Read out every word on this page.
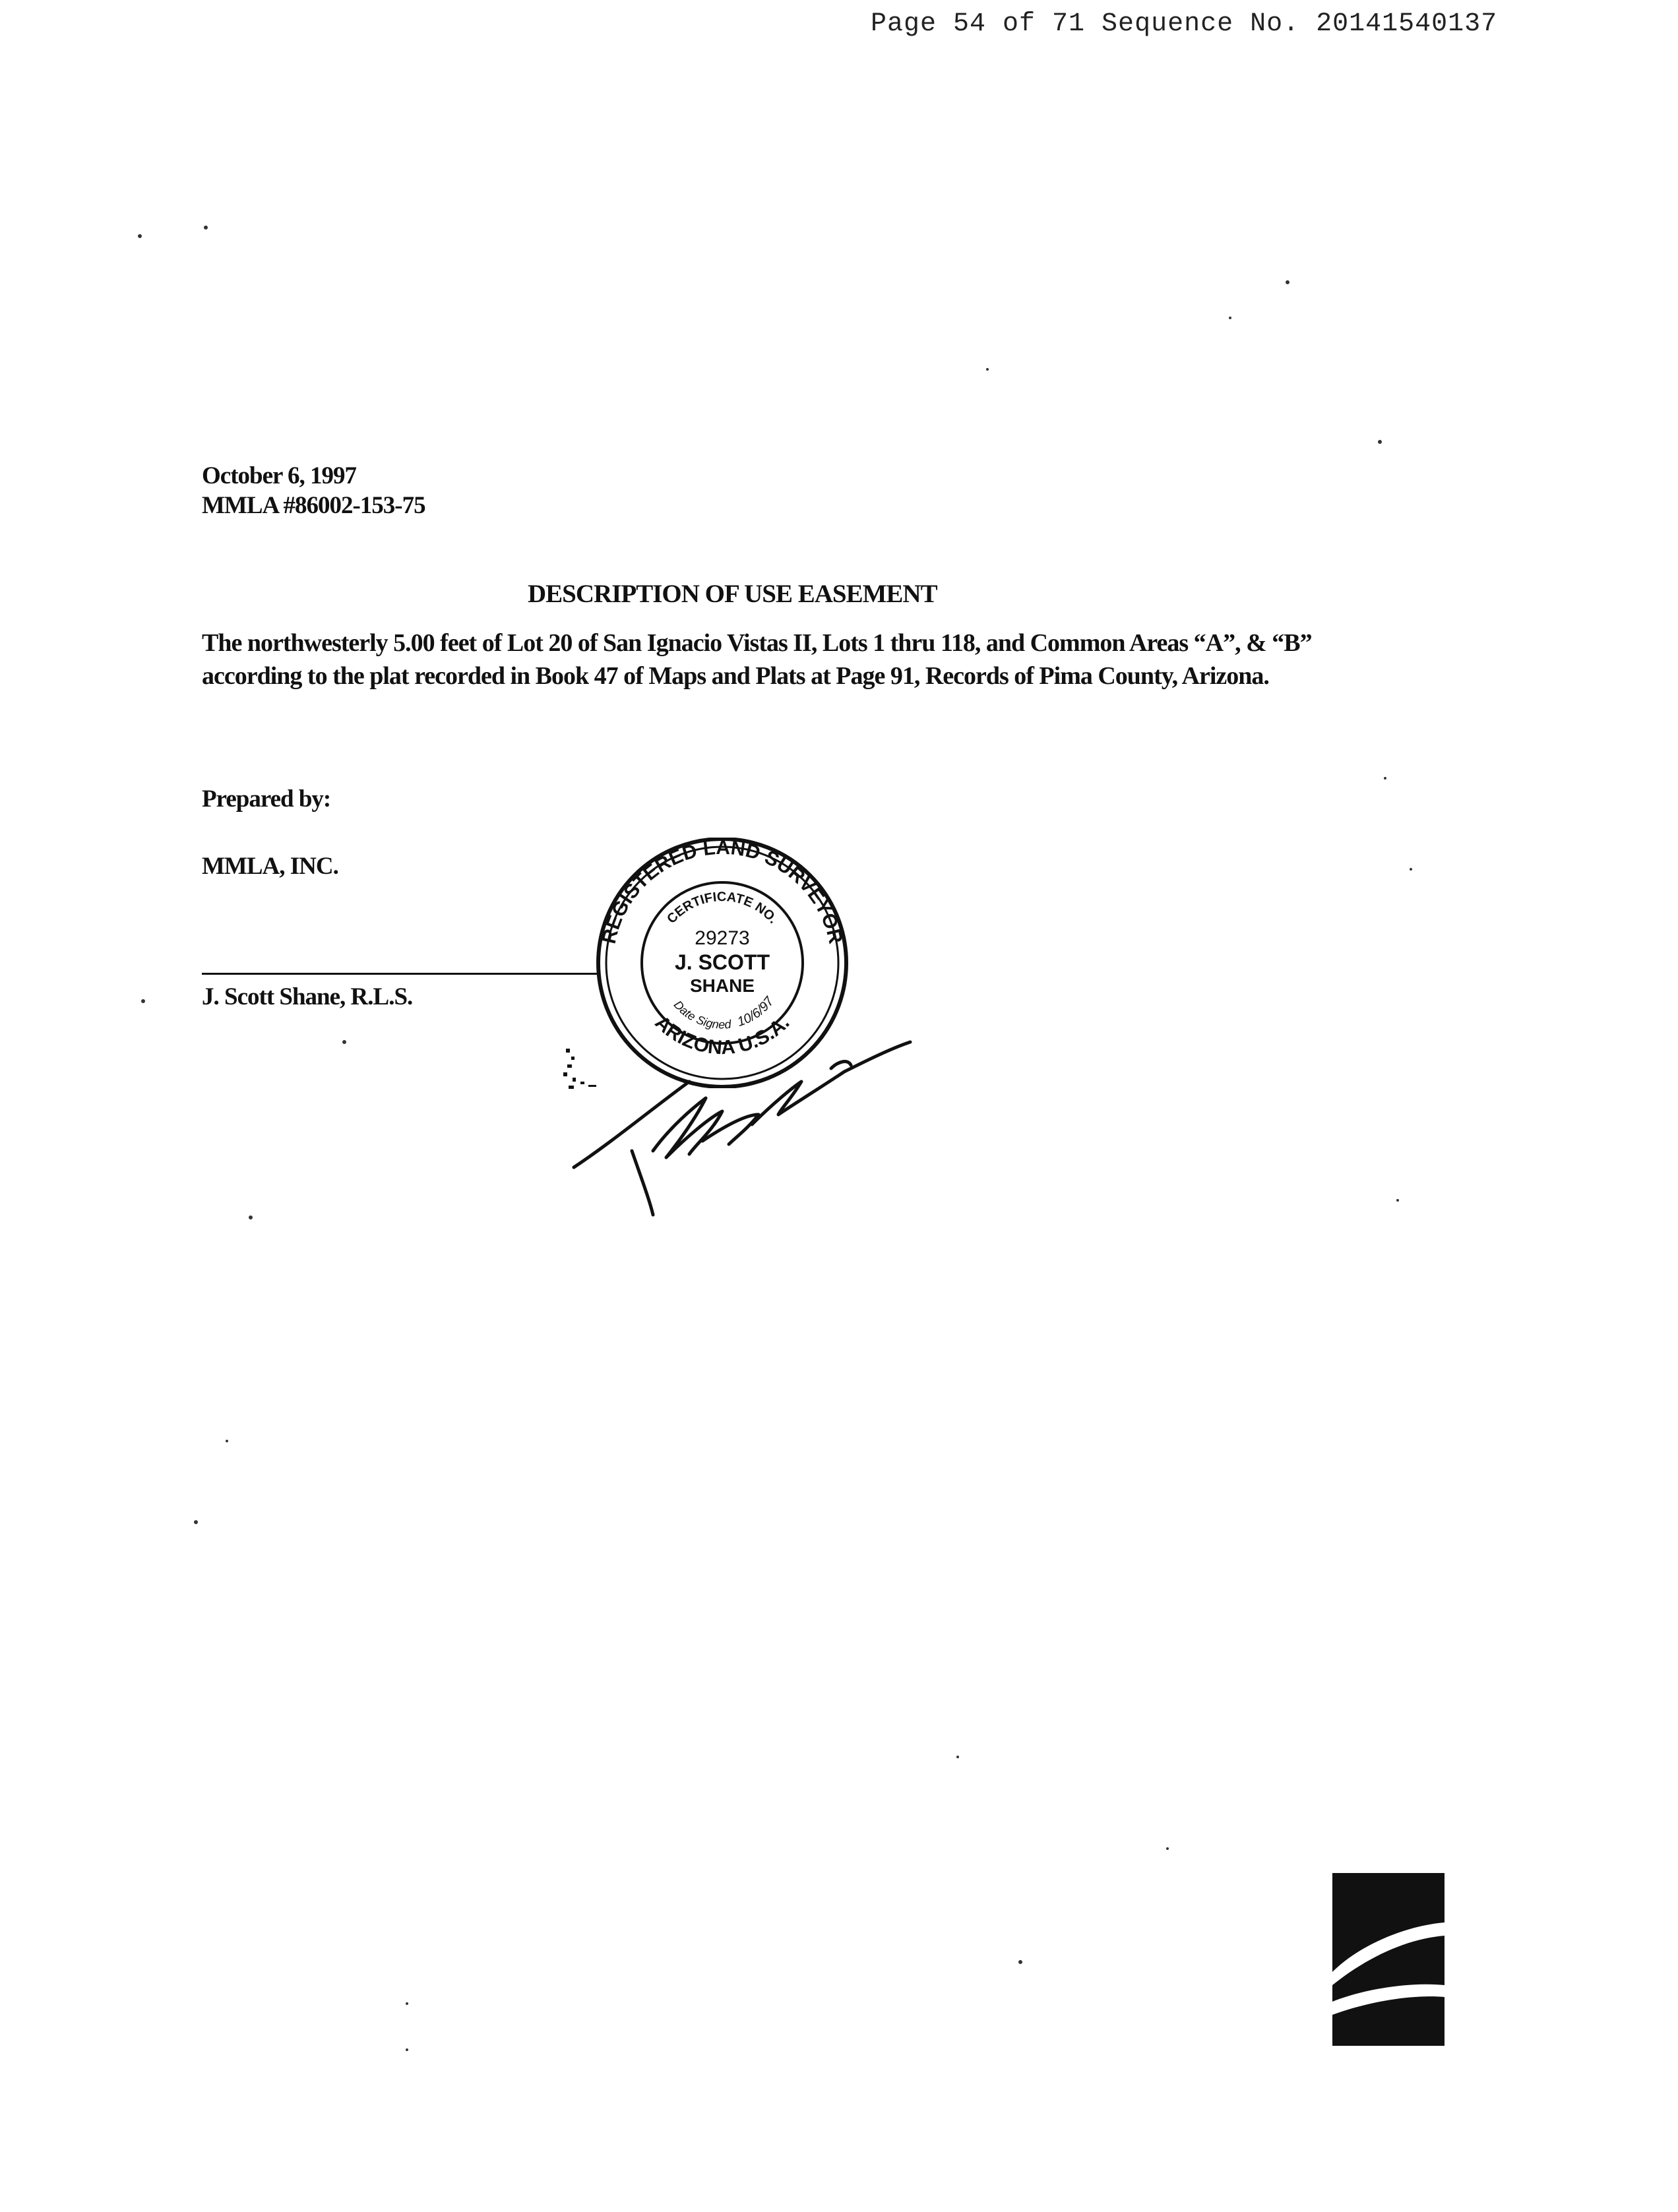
Page 54 of 71 Sequence No. 20141540137
October 6, 1997
MMLA #86002-153-75
DESCRIPTION OF USE EASEMENT

The northwesterly 5.00 feet of Lot 20 of San Ignacio Vistas II, Lots 1 thru 118, and Common Areas “A”, & “B” according to the plat recorded in Book 47 of Maps and Plats at Page 91, Records of Pima County, Arizona.

Prepared by:
MMLA, INC.
J. Scott Shane, R.L.S.
REGISTERED LAND SURVEYOR
ARIZONA U.S.A.
CERTIFICATE NO.
Date Signed 10/6/97
29273
J. SCOTT
SHANE
